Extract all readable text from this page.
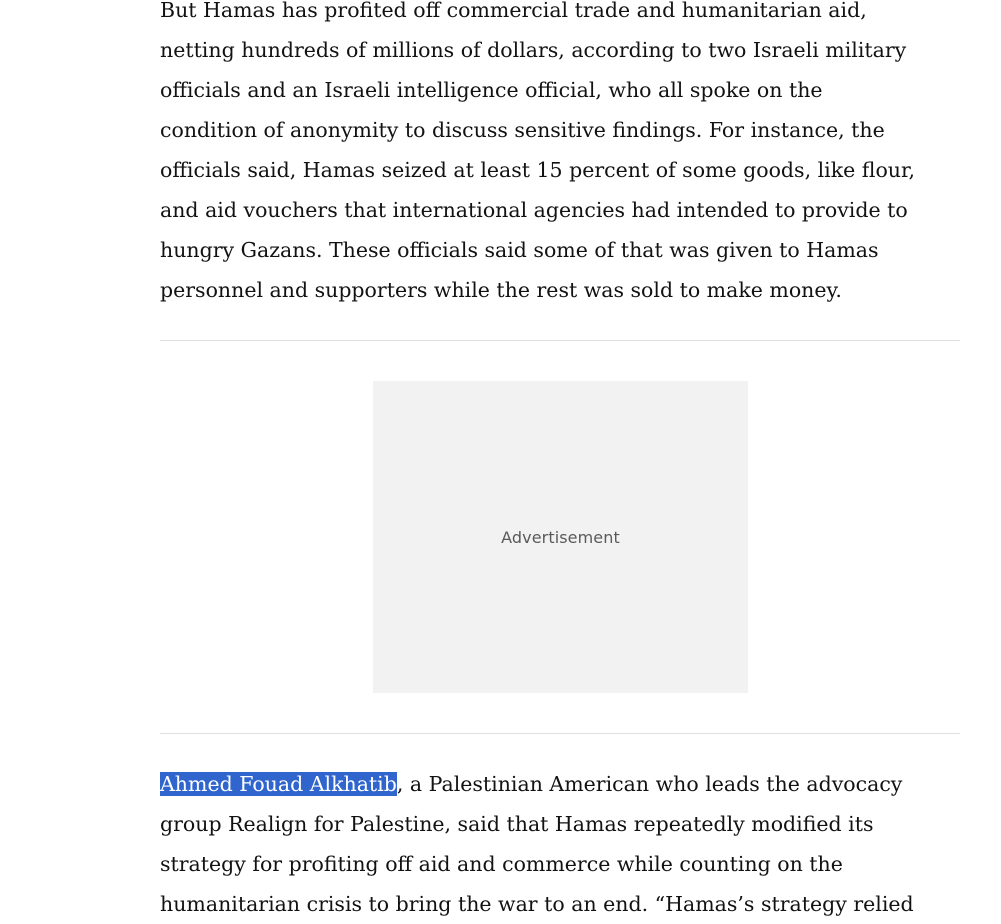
But Hamas has profited off commercial trade and humanitarian aid,
netting hundreds of millions of dollars, according to two Israeli military
officials and an Israeli intelligence official, who all spoke on the
condition of anonymity to discuss sensitive findings. For instance, the
officials said, Hamas seized at least 15 percent of some goods, like flour,
and aid vouchers that international agencies had intended to provide to
hungry Gazans. These officials said some of that was given to Hamas
personnel and supporters while the rest was sold to make money.

Advertisement

Ahmed Fouad Alkhatib, a Palestinian American who leads the advocacy
group Realign for Palestine, said that Hamas repeatedly modified its
strategy for profiting off aid and commerce while counting on the
humanitarian crisis to bring the war to an end. “Hamas’s strategy relied
